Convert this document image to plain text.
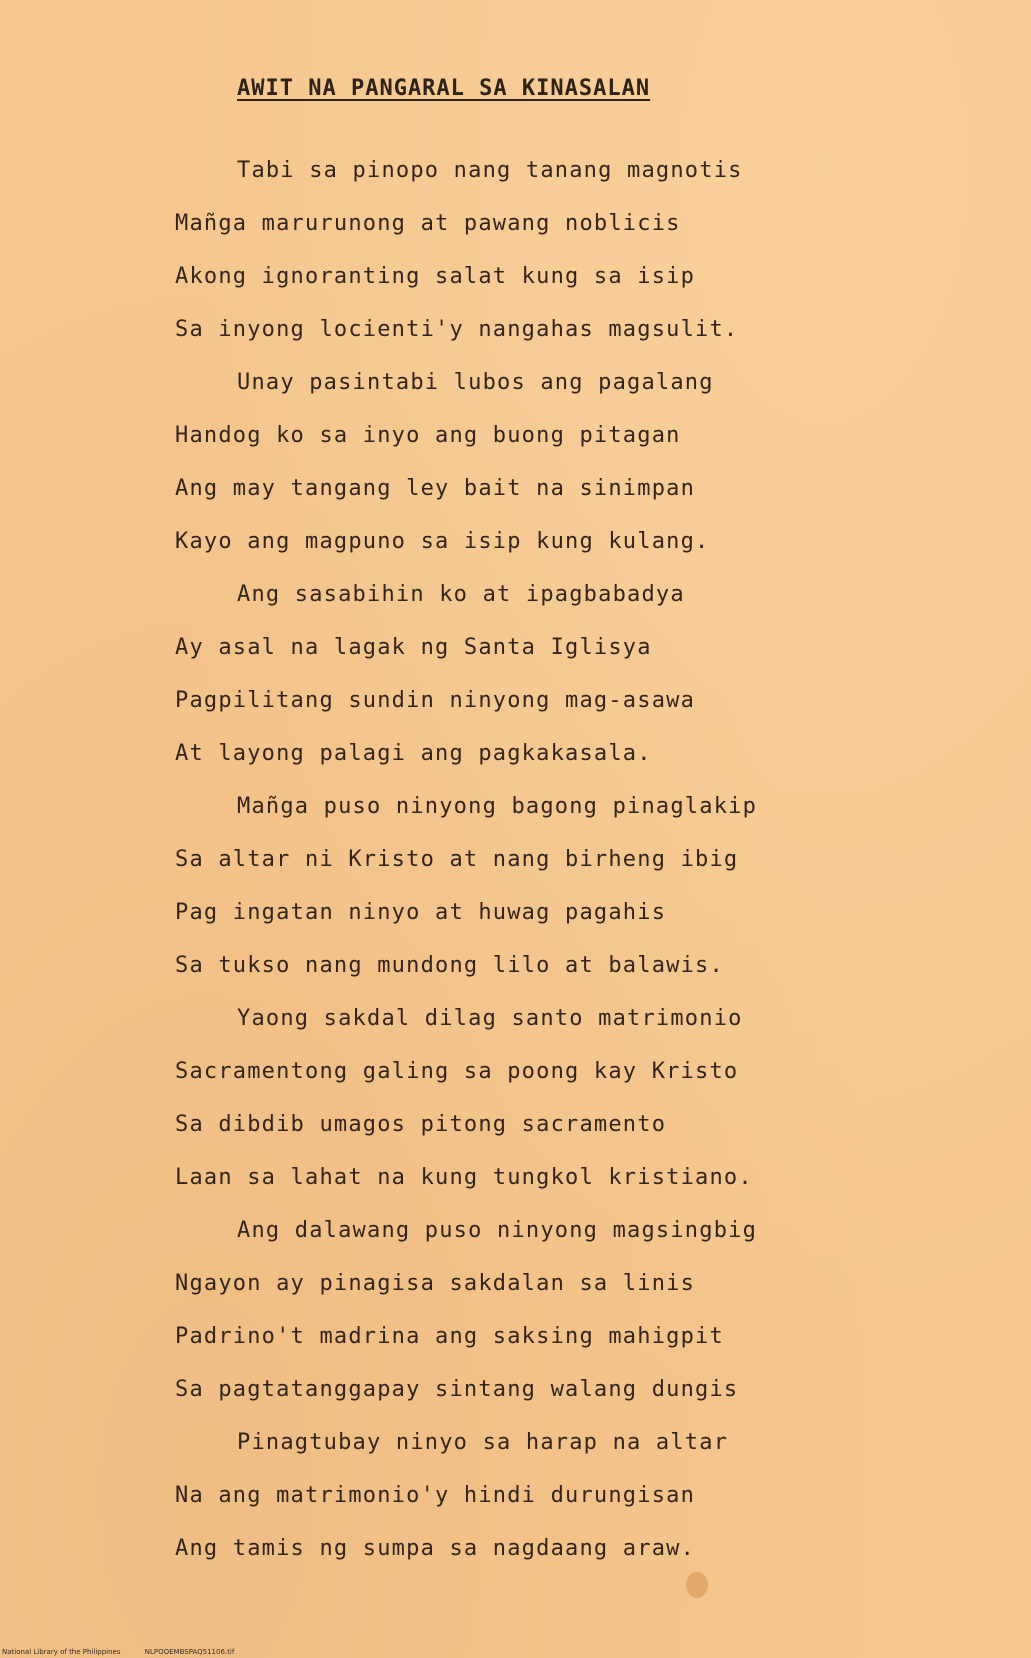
AWIT NA PANGARAL SA KINASALAN
Tabi sa pinopo nang tanang magnotis
Mañga marurunong at pawang noblicis
Akong ignoranting salat kung sa isip
Sa inyong locienti'y nangahas magsulit.
Unay pasintabi lubos ang pagalang
Handog ko sa inyo ang buong pitagan
Ang may tangang ley bait na sinimpan
Kayo ang magpuno sa isip kung kulang.
Ang sasabihin ko at ipagbabadya
Ay asal na lagak ng Santa Iglisya
Pagpilitang sundin ninyong mag-asawa
At layong palagi ang pagkakasala.
Mañga puso ninyong bagong pinaglakip
Sa altar ni Kristo at nang birheng ibig
Pag ingatan ninyo at huwag pagahis
Sa tukso nang mundong lilo at balawis.
Yaong sakdal dilag santo matrimonio
Sacramentong galing sa poong kay Kristo
Sa dibdib umagos pitong sacramento
Laan sa lahat na kung tungkol kristiano.
Ang dalawang puso ninyong magsingbig
Ngayon ay pinagisa sakdalan sa linis
Padrino't madrina ang saksing mahigpit
Sa pagtatanggapay sintang walang dungis
Pinagtubay ninyo sa harap na altar
Na ang matrimonio'y hindi durungisan
Ang tamis ng sumpa sa nagdaang araw.
National Library of the Philippines	NLPOOEMBSPAQ51106.tif
